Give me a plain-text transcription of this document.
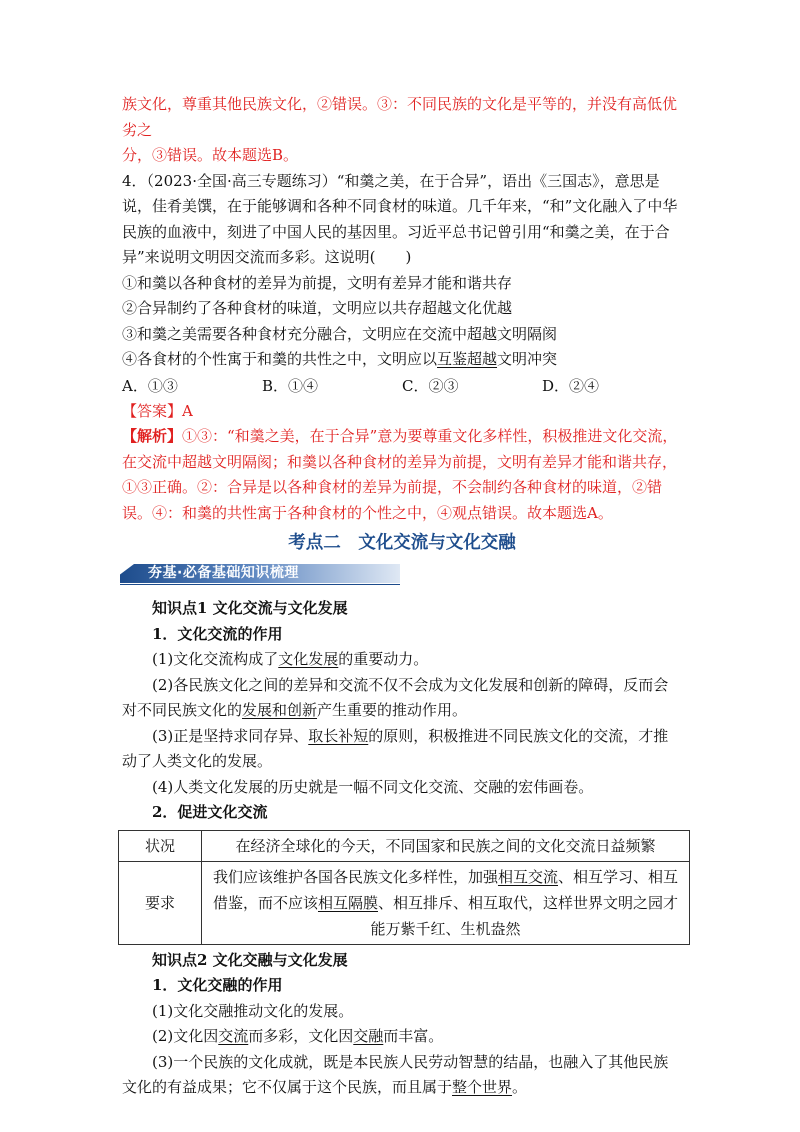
族文化，尊重其他民族文化，②错误。③：不同民族的文化是平等的，并没有高低优劣之

分，③错误。故本题选B。

4．（2023·全国·高三专题练习）“和羹之美，在于合异”，语出《三国志》，意思是说，佳肴美馔，在于能够调和各种不同食材的味道。几千年来，“和”文化融入了中华民族的血液中，刻进了中国人民的基因里。习近平总书记曾引用“和羹之美，在于合异”来说明文明因交流而多彩。这说明(　　)

①和羹以各种食材的差异为前提，文明有差异才能和谐共存

②合异制约了各种食材的味道，文明应以共存超越文化优越

③和羹之美需要各种食材充分融合，文明应在交流中超越文明隔阂

④各食材的个性寓于和羹的共性之中，文明应以互鉴超越文明冲突

A．①③	B．①④	C．②③	D．②④

【答案】A

【解析】①③：“和羹之美，在于合异”意为要尊重文化多样性，积极推进文化交流，在交流中超越文明隔阂；和羹以各种食材的差异为前提，文明有差异才能和谐共存，①③正确。②：合异是以各种食材的差异为前提，不会制约各种食材的味道，②错误。④：和羹的共性寓于各种食材的个性之中，④观点错误。故本题选A。

考点二　文化交流与文化交融
夯基·必备基础知识梳理

知识点1 文化交流与文化发展

1．文化交流的作用

(1)文化交流构成了文化发展的重要动力。

(2)各民族文化之间的差异和交流不仅不会成为文化发展和创新的障碍，反而会对不同民族文化的发展和创新产生重要的推动作用。

(3)正是坚持求同存异、取长补短的原则，积极推进不同民族文化的交流，才推动了人类文化的发展。

(4)人类文化发展的历史就是一幅不同文化交流、交融的宏伟画卷。

2．促进文化交流

状况	在经济全球化的今天，不同国家和民族之间的文化交流日益频繁
要求	我们应该维护各国各民族文化多样性，加强相互交流、相互学习、相互借鉴，而不应该相互隔膜、相互排斥、相互取代，这样世界文明之园才能万紫千红、生机盎然

知识点2 文化交融与文化发展

1．文化交融的作用

(1)文化交融推动文化的发展。

(2)文化因交流而多彩，文化因交融而丰富。

(3)一个民族的文化成就，既是本民族人民劳动智慧的结晶，也融入了其他民族文化的有益成果；它不仅属于这个民族，而且属于整个世界。
